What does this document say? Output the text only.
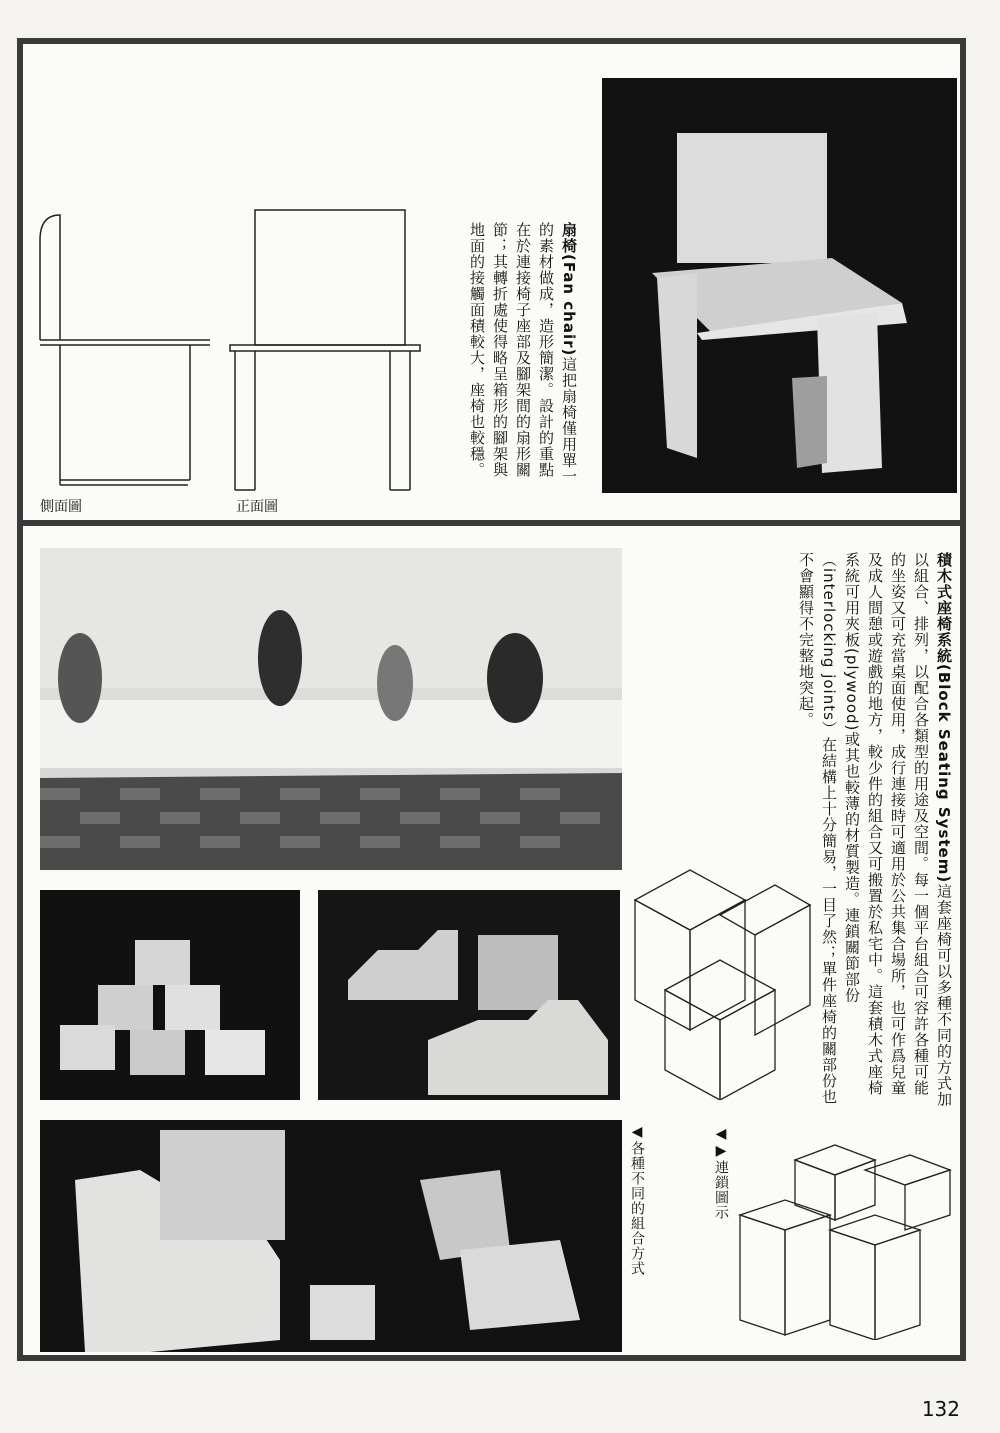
側面圖	正面圖
扇椅(Fan chair)這把扇椅僅用單一的素材做成，造形簡潔。設計的重點在於連接椅子座部及腳架間的扇形關節；其轉折處使得略呈箱形的腳架與地面的接觸面積較大，座椅也較穩。
積木式座椅系統(Block Seating System)這套座椅可以多種不同的方式加以組合、排列，以配合各類型的用途及空間。每一個平台組合可容許各種可能的坐姿又可充當桌面使用，成行連接時可適用於公共集合場所，也可作爲兒童及成人間憩或遊戲的地方，較少件的組合又可搬置於私宅中。這套積木式座椅系統可用夾板(plywood)或其也較薄的材質製造。連鎖關節部份（interlocking joints）在結構上十分簡易，一目了然；單件座椅的關部份也不會顯得不完整地突起。
◀各種不同的組合方式	◀▶連鎖圖示
132
